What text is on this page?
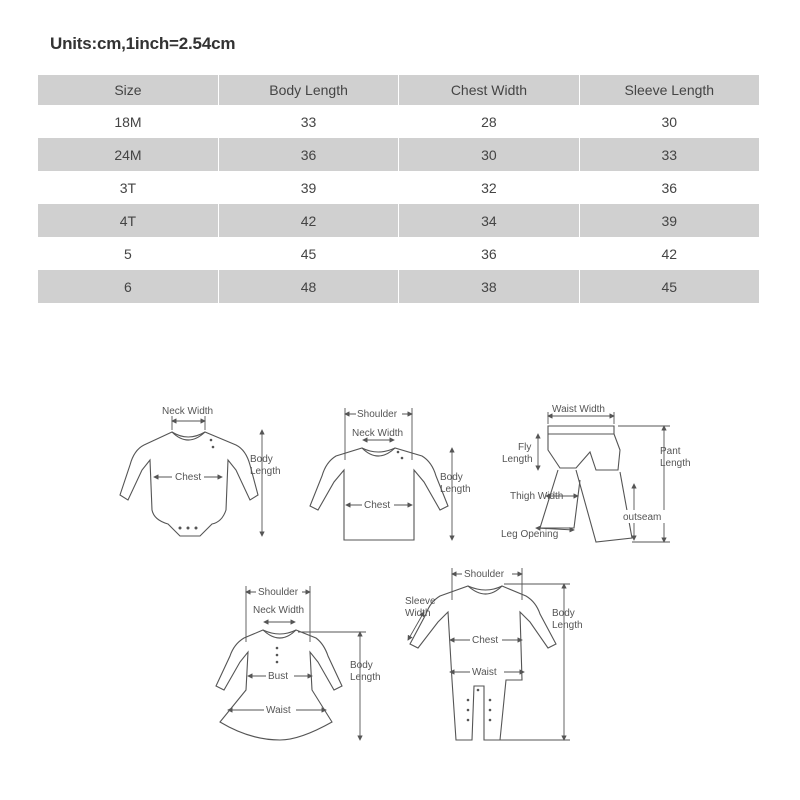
Units:cm,1inch=2.54cm
Size	Body Length	Chest Width	Sleeve Length
18M	33	28	30
24M	36	30	33
3T	39	32	36
4T	42	34	39
5	45	36	42
6	48	38	45
Neck Width
Chest
Body
Length
Shoulder
Neck Width
Chest
Body
Length
Waist Width
Fly
Length
Pant
Length
Thigh Width
outseam
Leg Opening
Shoulder
Neck Width
Bust
Waist
Body
Length
Shoulder
Sleeve
Width
Chest
Waist
Body
Length
